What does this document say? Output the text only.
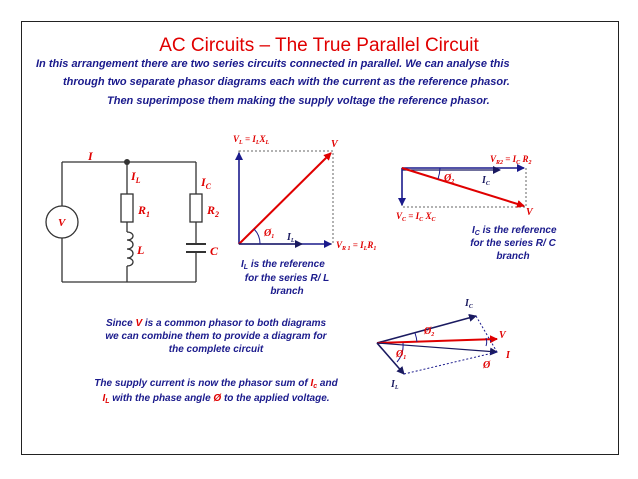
AC Circuits – The True Parallel Circuit
In this arrangement there are two series circuits connected in parallel. We can analyse this
through two separate phasor diagrams each with the current as the reference phasor.
Then superimpose them making the supply voltage the reference phasor.
I
$I_L$	$I_C$
$R_1$	$R_2$
L	C
V
$V_L = I_LX_L$	V
$Ø_1$ $I_L$	$V_{R 1} = I_LR_1$
$I_L$ is the reference
for the series R/ L
branch
$V_{R2} = I_C$ $R_2$
$Ø_2$	$I_C$
$V_C = I_C$ $X_C$
V
$I_C$ is the reference
for the series R/ C
branch
$I_C$
$Ø_2$
$Ø_1$
V
I
Ø
$I_L$
Since V is a common phasor to both diagrams
we can combine them to provide a diagram for
the complete circuit
The supply current is now the phasor sum of $I_c$ and
$I_L$ with the phase angle Ø to the applied voltage.
